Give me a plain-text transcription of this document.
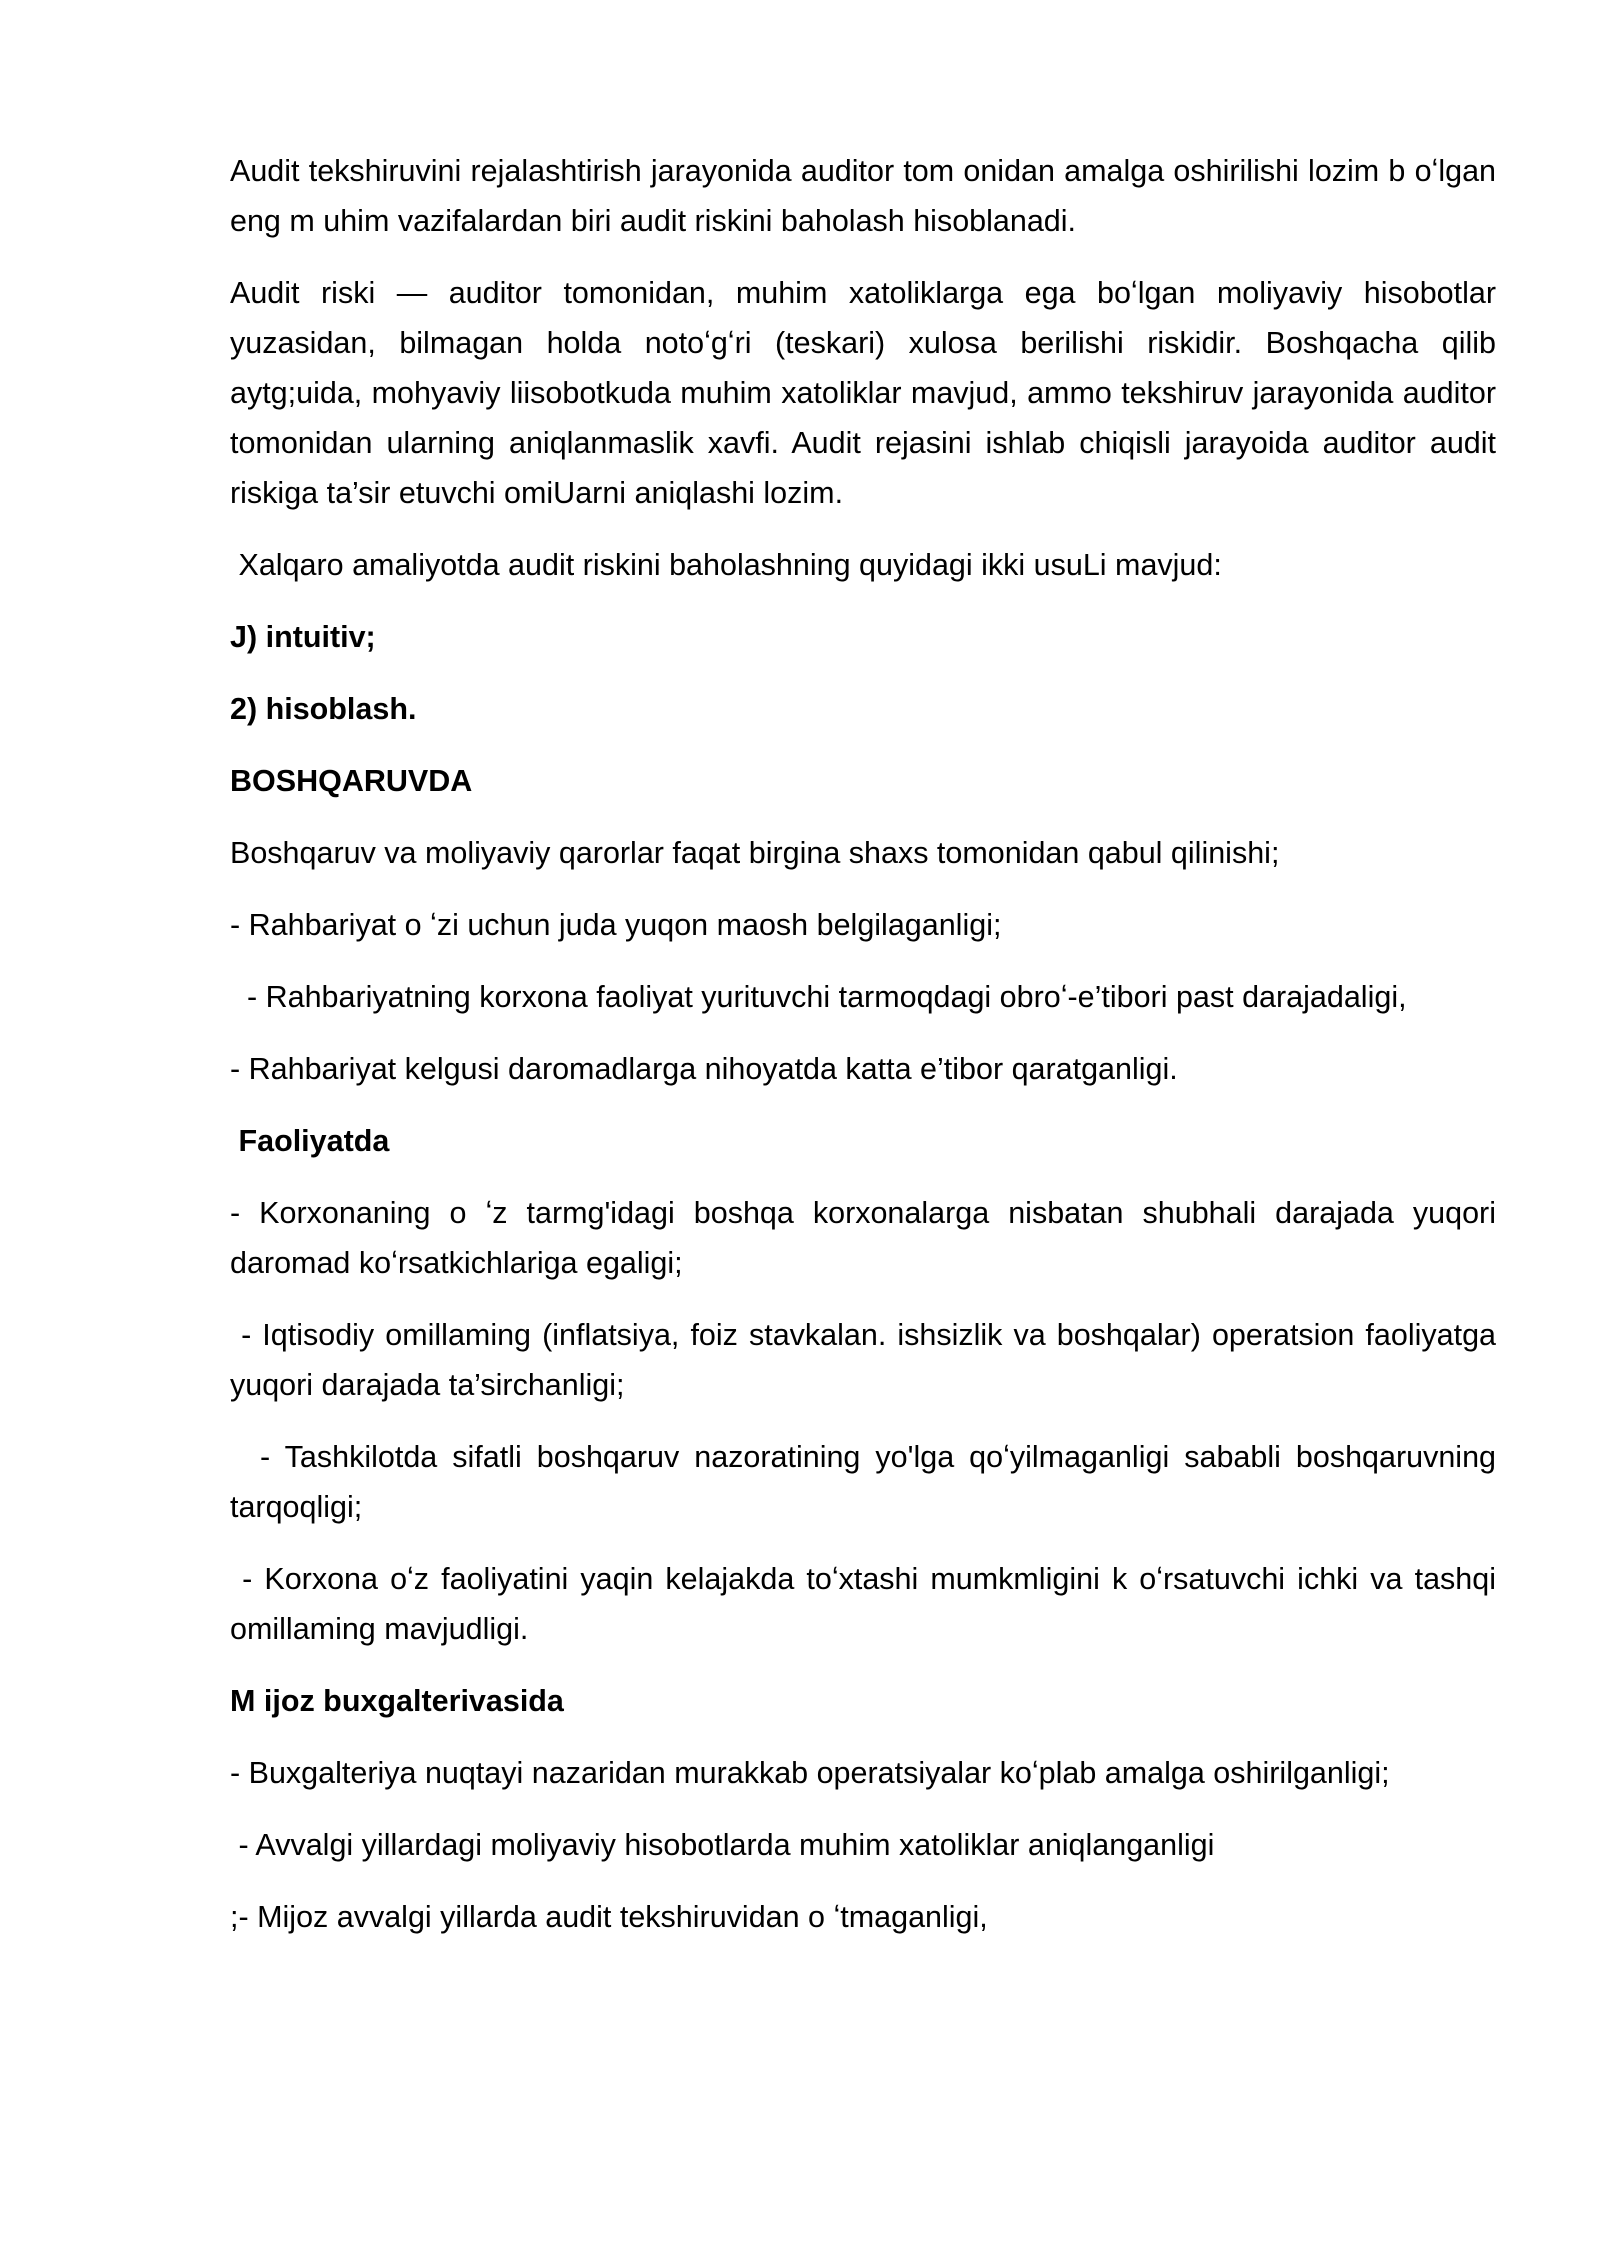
Audit tekshiruvini rejalashtirish jarayonida auditor tom onidan amalga oshirilishi lozim b oʻlgan eng m uhim vazifalardan biri audit riskini baholash hisoblanadi.

Audit riski — auditor tomonidan, muhim xatoliklarga ega boʻlgan moliyaviy hisobotlar yuzasidan, bilmagan holda notoʻgʻri (teskari) xulosa berilishi riskidir. Boshqacha qilib aytg;uida, mohyaviy liisobotkuda muhim xatoliklar mavjud, ammo tekshiruv jarayonida auditor tomonidan ularning aniqlanmaslik xavfi. Audit rejasini ishlab chiqisli jarayoida auditor audit riskiga ta’sir etuvchi omiUarni aniqlashi lozim.

Xalqaro amaliyotda audit riskini baholashning quyidagi ikki usuLi mavjud:

J) intuitiv;

2) hisoblash.

BOSHQARUVDA

Boshqaruv va moliyaviy qarorlar faqat birgina shaxs tomonidan qabul qilinishi;

- Rahbariyat o ʻzi uchun juda yuqon maosh belgilaganligi;

- Rahbariyatning korxona faoliyat yurituvchi tarmoqdagi obroʻ-e’tibori past darajadaligi,

- Rahbariyat kelgusi daromadlarga nihoyatda katta e’tibor qaratganligi.

Faoliyatda

- Korxonaning o ʻz tarmg'idagi boshqa korxonalarga nisbatan shubhali darajada yuqori daromad koʻrsatkichlariga egaligi;

- Iqtisodiy omillaming (inflatsiya, foiz stavkalan. ishsizlik va boshqalar) operatsion faoliyatga yuqori darajada ta’sirchanligi;

- Tashkilotda sifatli boshqaruv nazoratining yo'lga qoʻyilmaganligi sababli boshqaruvning tarqoqligi;

- Korxona oʻz faoliyatini yaqin kelajakda toʻxtashi mumkmligini k oʻrsatuvchi ichki va tashqi omillaming mavjudligi.

M ijoz buxgalterivasida

- Buxgalteriya nuqtayi nazaridan murakkab operatsiyalar koʻplab amalga oshirilganligi;

- Avvalgi yillardagi moliyaviy hisobotlarda muhim xatoliklar aniqlanganligi

;- Mijoz avvalgi yillarda audit tekshiruvidan o ʻtmaganligi,
